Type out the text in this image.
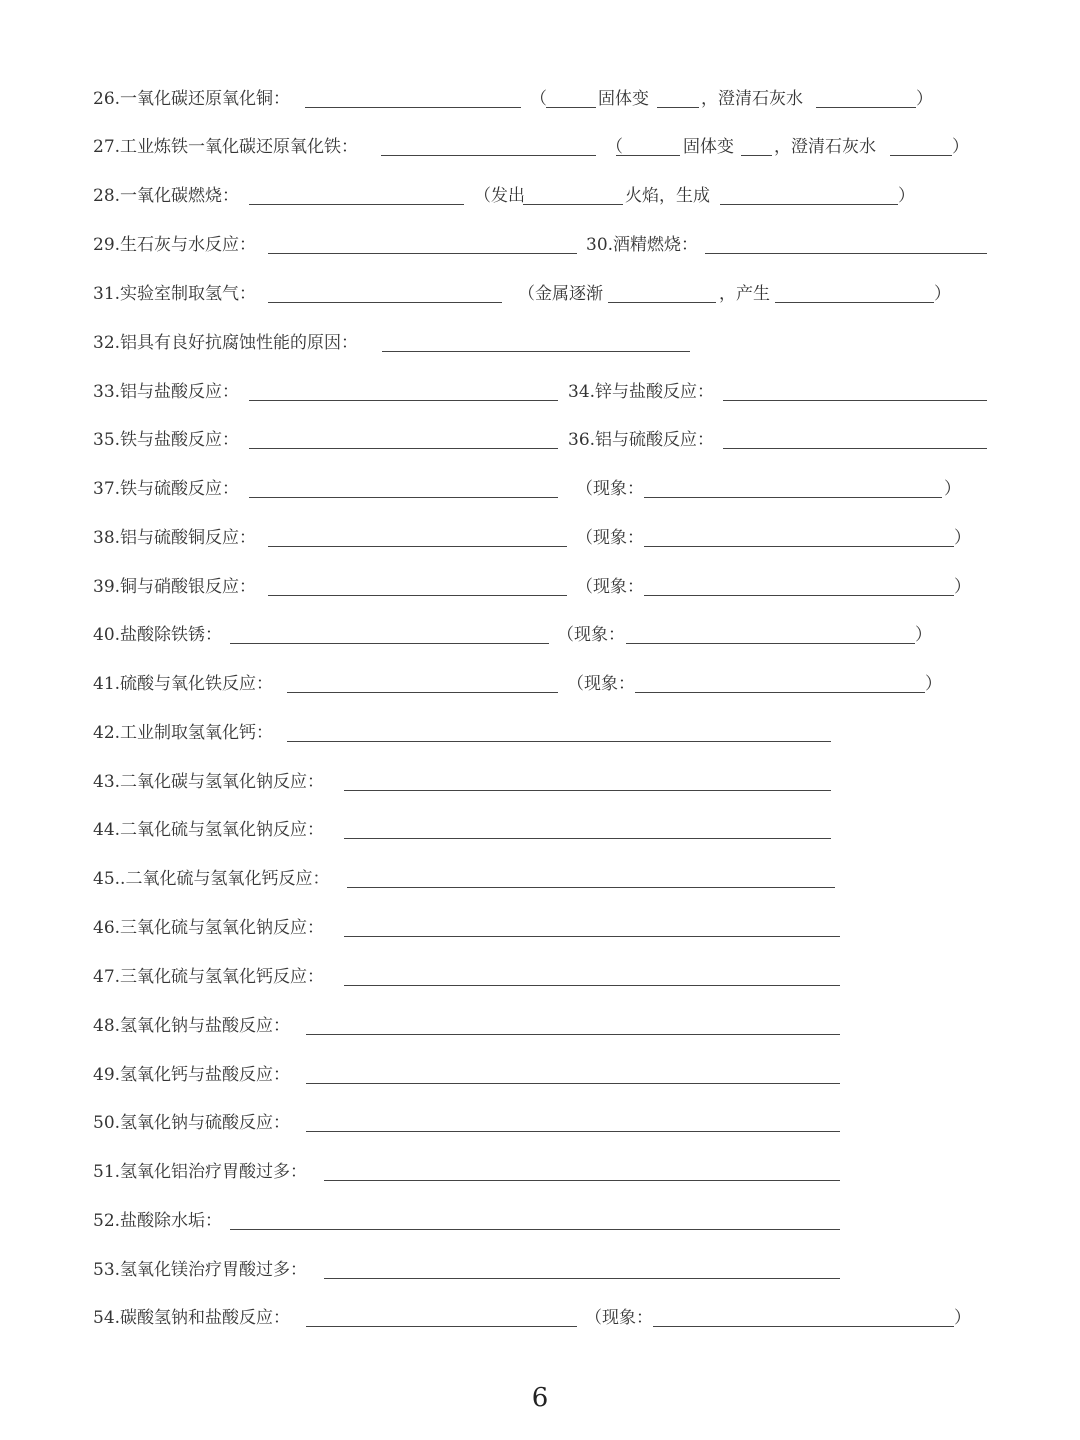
26.一氧化碳还原氧化铜：	（	固体变	，澄清石灰水	）
27.工业炼铁一氧化碳还原氧化铁：	（	固体变 ，澄清石灰水	）
28.一氧化碳燃烧：	（发出	火焰，生成	）
29.生石灰与水反应：	30.酒精燃烧：
31.实验室制取氢气：	（金属逐渐	，产生	）
32.铝具有良好抗腐蚀性能的原因：
33.铝与盐酸反应：	34.锌与盐酸反应：
35.铁与盐酸反应：	36.铝与硫酸反应：
37.铁与硫酸反应：	（现象：	）
38.铝与硫酸铜反应：	（现象：	）
39.铜与硝酸银反应：	（现象：	）
40.盐酸除铁锈：	（现象：	）
41.硫酸与氧化铁反应：	（现象：	）
42.工业制取氢氧化钙：
43.二氧化碳与氢氧化钠反应：
44.二氧化硫与氢氧化钠反应：
45..二氧化硫与氢氧化钙反应：
46.三氧化硫与氢氧化钠反应：
47.三氧化硫与氢氧化钙反应：
48.氢氧化钠与盐酸反应：
49.氢氧化钙与盐酸反应：
50.氢氧化钠与硫酸反应：
51.氢氧化铝治疗胃酸过多：
52.盐酸除水垢：
53.氢氧化镁治疗胃酸过多：
54.碳酸氢钠和盐酸反应：	（现象：	）
6
